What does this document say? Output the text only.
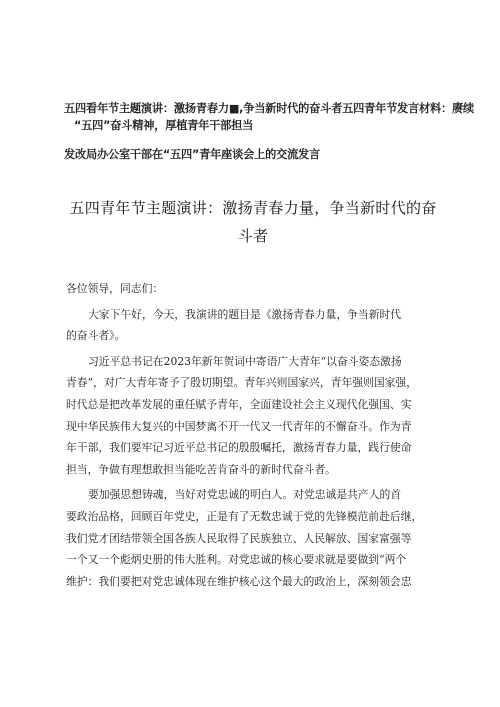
五四看年节主题演讲：激扬青春力■,争当新时代的奋斗者五四青年节发言材料：赓续
“五四”奋斗精神，厚植青年干部担当
发改局办公室干部在“五四”青年座谈会上的交流发言
五四青年节主题演讲：激扬青春力量，争当新时代的奋
斗者

各位领导，同志们：

大家下午好，今天，我演讲的题目是《激扬青春力量，争当新时代

的奋斗者》。

习近平总书记在2023年新年贺词中寄语广大青年“以奋斗姿态激扬

青春”，对广大青年寄予了殷切期望。青年兴则国家兴，青年强则国家强，

时代总是把改革发展的重任赋予青年，全面建设社会主义现代化强国、实

现中华民族伟大复兴的中国梦离不开一代又一代青年的不懈奋斗。作为青

年干部，我们要牢记习近平总书记的殷殷嘱托，激扬青春力量，践行使命

担当，争做有理想敢担当能吃苦肯奋斗的新时代奋斗者。

要加强思想铸魂，当好对党忠诚的明白人。对党忠诚是共产人的首

要政治品格，回顾百年党史，正是有了无数忠诚于党的先锋模范前赴后继，

我们党才团结带领全国各族人民取得了民族独立、人民解放、国家富强等

一个又一个彪炳史册的伟大胜利。对党忠诚的核心要求就是要做到“两个

维护：我们要把对党忠诚体现在维护核心这个最大的政治上，深刻领会忠
